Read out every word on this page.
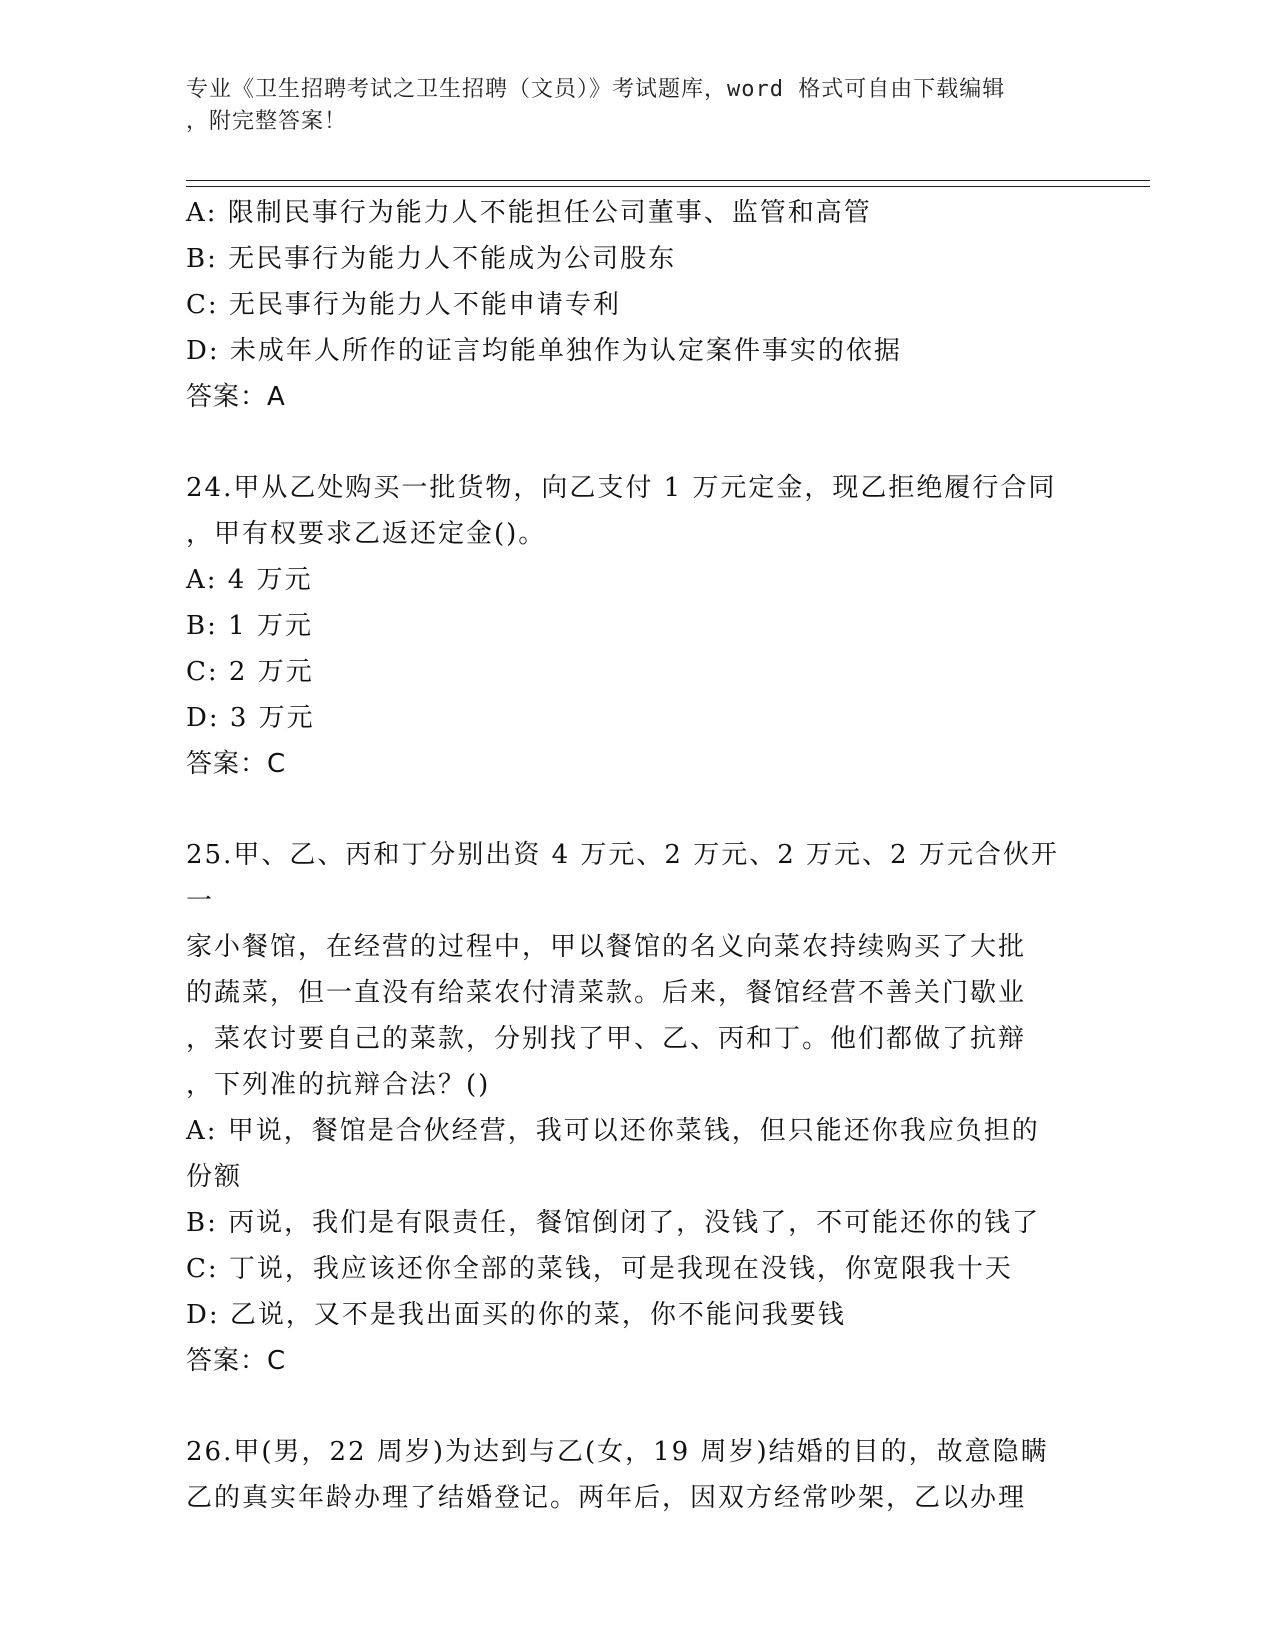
专业《卫生招聘考试之卫生招聘（文员）》考试题库，word 格式可自由下载编辑
，附完整答案！
A: 限制民事行为能力人不能担任公司董事、监管和高管
B: 无民事行为能力人不能成为公司股东
C: 无民事行为能力人不能申请专利
D: 未成年人所作的证言均能单独作为认定案件事实的依据
答案：A
24.甲从乙处购买一批货物，向乙支付 1 万元定金，现乙拒绝履行合同
，甲有权要求乙返还定金()。
A: 4 万元
B: 1 万元
C: 2 万元
D: 3 万元
答案：C
25.甲、乙、丙和丁分别出资 4 万元、2 万元、2 万元、2 万元合伙开一
家小餐馆，在经营的过程中，甲以餐馆的名义向菜农持续购买了大批
的蔬菜，但一直没有给菜农付清菜款。后来，餐馆经营不善关门歇业
，菜农讨要自己的菜款，分别找了甲、乙、丙和丁。他们都做了抗辩
，下列准的抗辩合法？()
A: 甲说，餐馆是合伙经营，我可以还你菜钱，但只能还你我应负担的
份额
B: 丙说，我们是有限责任，餐馆倒闭了，没钱了，不可能还你的钱了
C: 丁说，我应该还你全部的菜钱，可是我现在没钱，你宽限我十天
D: 乙说，又不是我出面买的你的菜，你不能问我要钱
答案：C
26.甲(男，22 周岁)为达到与乙(女，19 周岁)结婚的目的，故意隐瞒
乙的真实年龄办理了结婚登记。两年后，因双方经常吵架，乙以办理
